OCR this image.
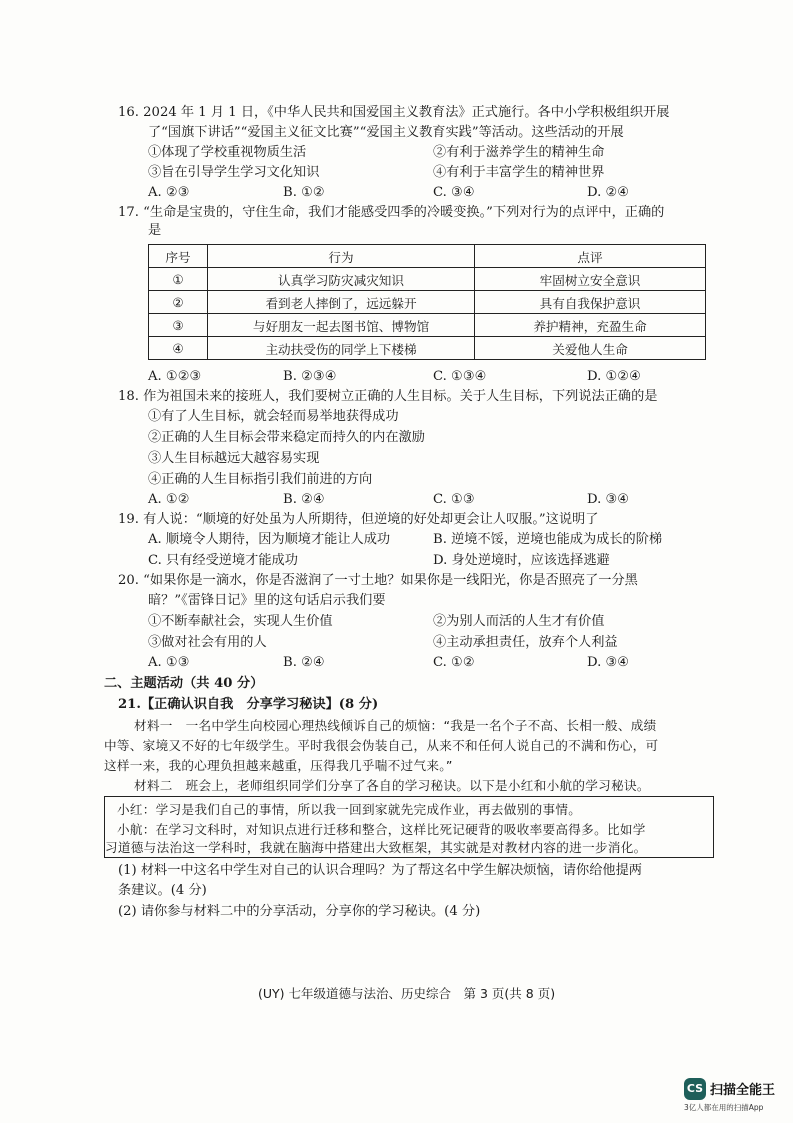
16. 2024 年 1 月 1 日，《中华人民共和国爱国主义教育法》正式施行。各中小学积极组织开展
了“国旗下讲话”“爱国主义征文比赛”“爱国主义教育实践”等活动。这些活动的开展
①体现了学校重视物质生活	②有利于滋养学生的精神生命
③旨在引导学生学习文化知识	④有利于丰富学生的精神世界
A. ②③	B. ①②	C. ③④	D. ②④
17. “生命是宝贵的，守住生命，我们才能感受四季的冷暖变换。”下列对行为的点评中，正确的
是
序号	行为	点评
①	认真学习防灾减灾知识	牢固树立安全意识
②	看到老人摔倒了，远远躲开	具有自我保护意识
③	与好朋友一起去图书馆、博物馆	养护精神，充盈生命
④	主动扶受伤的同学上下楼梯	关爱他人生命
A. ①②③	B. ②③④	C. ①③④	D. ①②④
18. 作为祖国未来的接班人，我们要树立正确的人生目标。关于人生目标，下列说法正确的是
①有了人生目标，就会轻而易举地获得成功
②正确的人生目标会带来稳定而持久的内在激励
③人生目标越远大越容易实现
④正确的人生目标指引我们前进的方向
A. ①②	B. ②④	C. ①③	D. ③④
19. 有人说：“顺境的好处虽为人所期待，但逆境的好处却更会让人叹服。”这说明了
A. 顺境令人期待，因为顺境才能让人成功	B. 逆境不馁，逆境也能成为成长的阶梯
C. 只有经受逆境才能成功	D. 身处逆境时，应该选择逃避
20. “如果你是一滴水，你是否滋润了一寸土地？如果你是一线阳光，你是否照亮了一分黑
暗？”《雷锋日记》里的这句话启示我们要
①不断奉献社会，实现人生价值	②为别人而活的人生才有价值
③做对社会有用的人	④主动承担责任，放弃个人利益
A. ①③	B. ②④	C. ①②	D. ③④
二、主题活动（共 40 分）
21.【正确认识自我　分享学习秘诀】(8 分)
材料一　一名中学生向校园心理热线倾诉自己的烦恼：“我是一名个子不高、长相一般、成绩
中等、家境又不好的七年级学生。平时我很会伪装自己，从来不和任何人说自己的不满和伤心，可
这样一来，我的心理负担越来越重，压得我几乎喘不过气来。”
材料二　班会上，老师组织同学们分享了各自的学习秘诀。以下是小红和小航的学习秘诀。
小红：学习是我们自己的事情，所以我一回到家就先完成作业，再去做别的事情。
小航：在学习文科时，对知识点进行迁移和整合，这样比死记硬背的吸收率要高得多。比如学
习道德与法治这一学科时，我就在脑海中搭建出大致框架，其实就是对教材内容的进一步消化。
(1) 材料一中这名中学生对自己的认识合理吗？为了帮这名中学生解决烦恼，请你给他提两
条建议。(4 分)
(2) 请你参与材料二中的分享活动，分享你的学习秘诀。(4 分)
(UY) 七年级道德与法治、历史综合　第 3 页(共 8 页)
CS 扫描全能王
3亿人都在用的扫描App
